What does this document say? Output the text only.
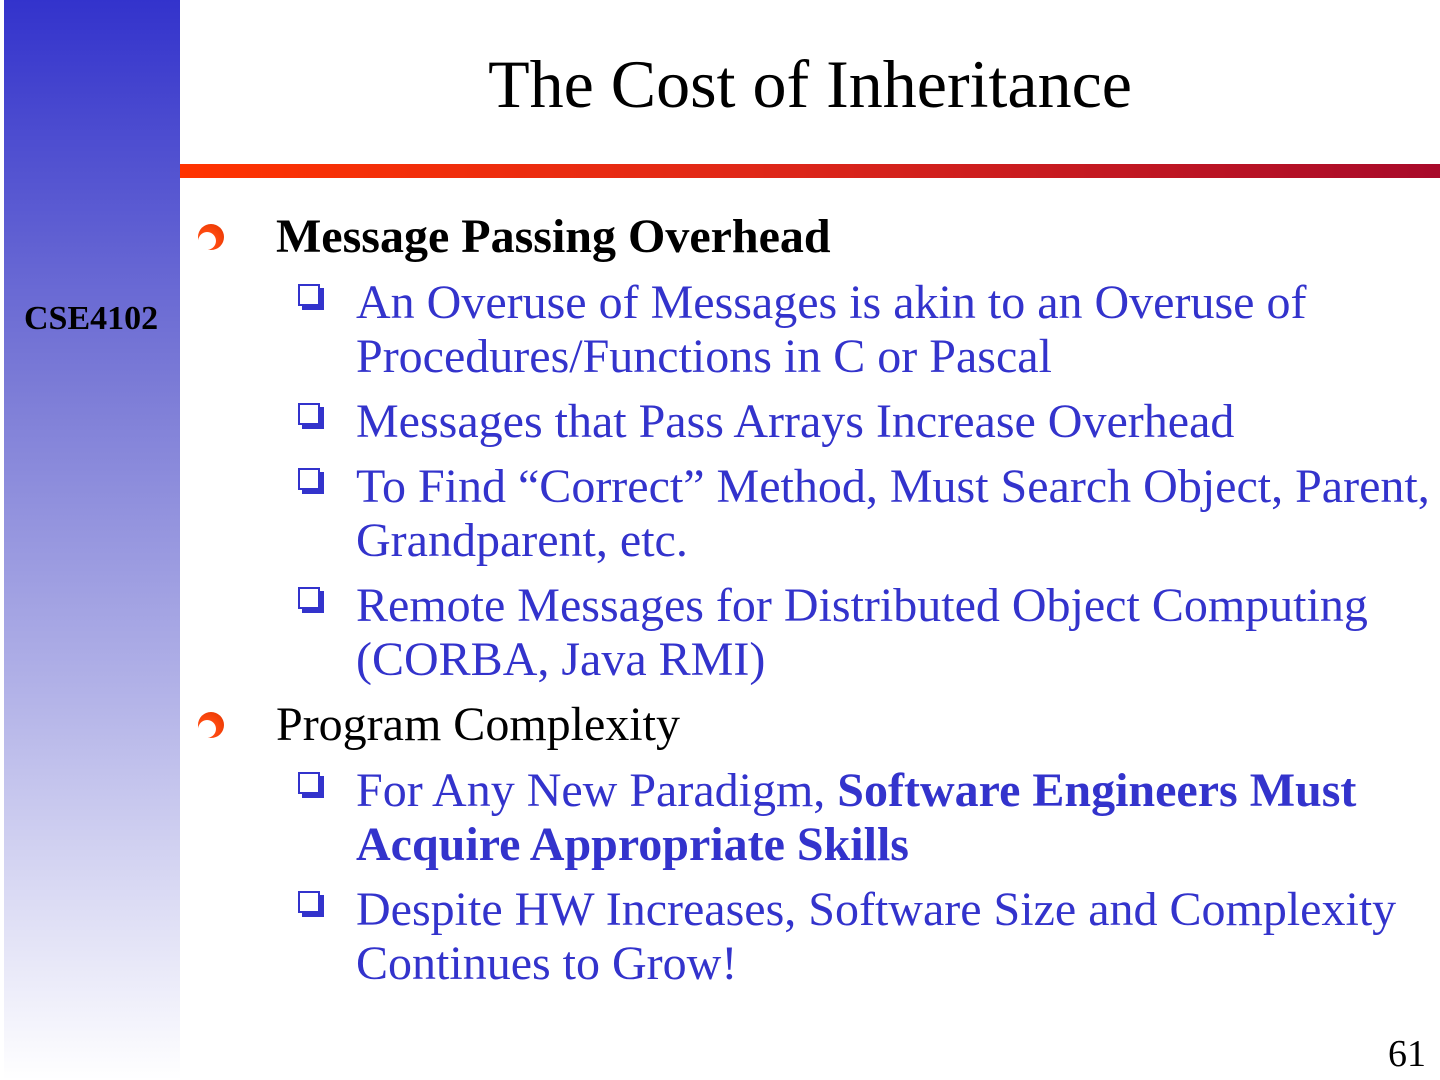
CSE4102
The Cost of Inheritance
Message Passing Overhead
An Overuse of Messages is akin to an Overuse of Procedures/Functions in C or Pascal
Messages that Pass Arrays Increase Overhead
To Find “Correct” Method, Must Search Object, Parent, Grandparent, etc.
Remote Messages for Distributed Object Computing (CORBA, Java RMI)
Program Complexity
For Any New Paradigm, Software Engineers Must Acquire Appropriate Skills
Despite HW Increases, Software Size and Complexity Continues to Grow!
61
